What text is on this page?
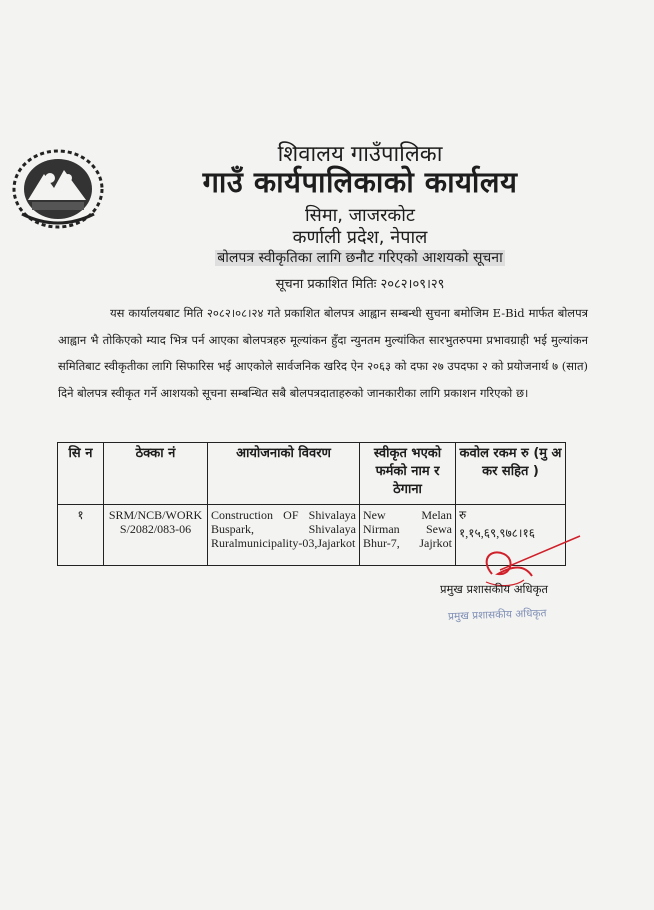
शिवालय गाउँपालिका
गाउँ कार्यपालिकाको कार्यालय
सिमा, जाजरकोट
कर्णाली प्रदेश, नेपाल
बोलपत्र स्वीकृतिका लागि छनौट गरिएको आशयको सूचना
सूचना प्रकाशित मितिः २०८२।०९।२९
यस कार्यालयबाट मिति २०८२।०८।२४ गते प्रकाशित बोलपत्र आह्वान सम्बन्धी सुचना बमोजिम E-Bid मार्फत बोलपत्र आह्वान भै तोकिएको म्याद भित्र पर्न आएका बोलपत्रहरु मूल्यांकन हुँदा न्युनतम मुल्यांकित सारभुतरुपमा प्रभावग्राही भई मुल्यांकन समितिबाट स्वीकृतीका लागि सिफारिस भई आएकोले सार्वजनिक खरिद ऐन २०६३ को दफा २७ उपदफा २ को प्रयोजनार्थ ७ (सात) दिने बोलपत्र स्वीकृत गर्ने आशयको सूचना सम्बन्धित सबै बोलपत्रदाताहरुको जानकारीका लागि प्रकाशन गरिएको छ।
सि न	ठेक्का नं	आयोजनाको विवरण	स्वीकृत भएको फर्मको नाम र ठेगाना	कवोल रकम रु (मु अ कर सहित )
१	SRM/NCB/WORKS/2082/083-06	Construction OF Shivalaya Buspark, Shivalaya Ruralmunicipality-03,Jajarkot	New Melan Nirman Sewa Bhur-7, Jajrkot	रु
१,१५,६९,९७८।१६
प्रमुख प्रशासकीय अधिकृत
प्रमुख प्रशासकीय अधिकृत
